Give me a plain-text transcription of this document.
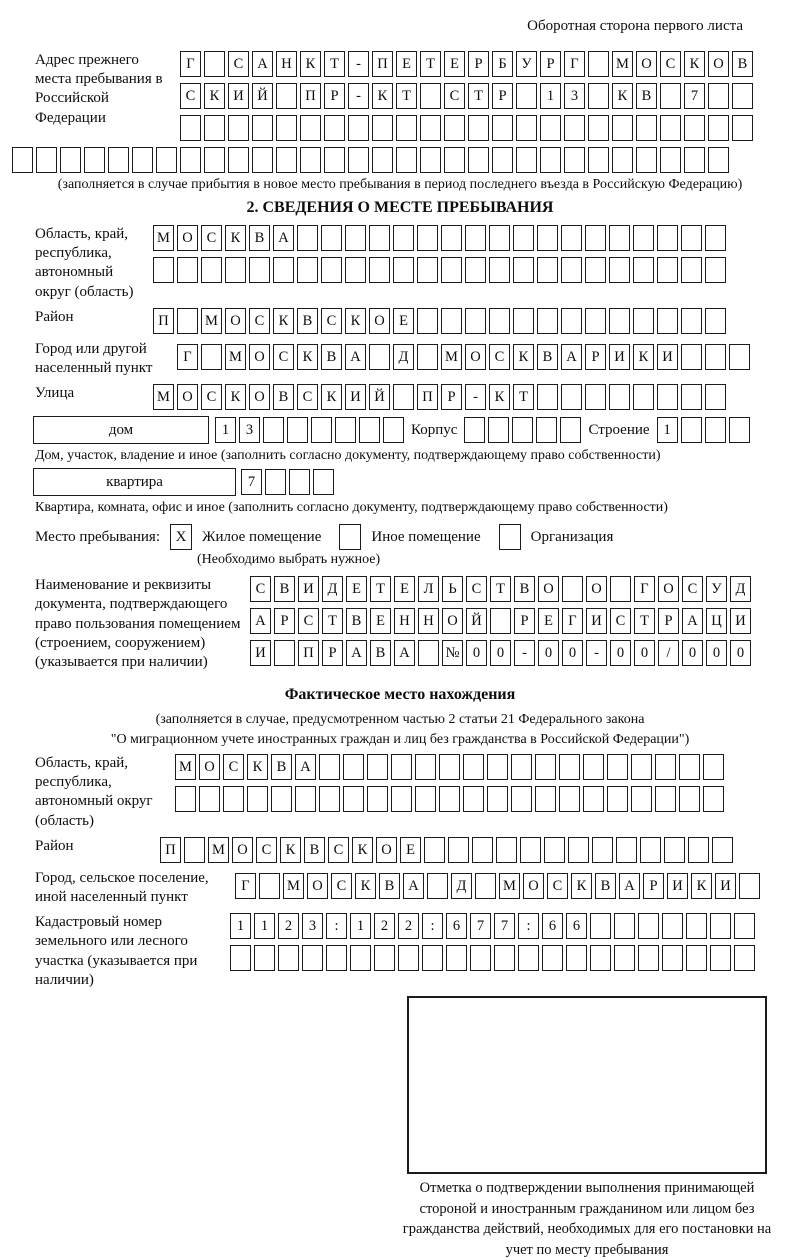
Оборотная сторона первого листа
Адрес прежнего места пребывания в Российской Федерации
Г	С А Н К	Т	-	П Е	Т	Е	Р	Б	У	Р	Г	М О С К О В
С К И Й	П	Р	-	К	Т	С	Т	Р	1	3	К В	7
(заполняется в случае прибытия в новое место пребывания в период последнего въезда в Российскую Федерацию)
2. СВЕДЕНИЯ О МЕСТЕ ПРЕБЫВАНИЯ
Область, край, республика, автономный округ (область)
М О С К В А
Район	П	М О С К В С К О Е
Город или другой населенный пункт
Г	М О С К В А	Д	М О С К В А	Р	И К И
Улица	М О С К О В С К И Й	П	Р	-	К	Т
дом	1	3	Корпус	Строение 1
Дом, участок, владение и иное (заполнить согласно документу, подтверждающему право собственности)
квартира	7
Квартира, комната, офис и иное (заполнить согласно документу, подтверждающему право собственности)
Место пребывания:	X	Жилое помещение	Иное помещение	Организация
(Необходимо выбрать нужное)
Наименование и реквизиты документа, подтверждающего право пользования помещением (строением, сооружением) (указывается при наличии)
С В И Д	Е	Т	Е	Л	Ь	С	Т	В О	О	Г	О С У Д
А	Р	С	Т	В	Е Н Н О Й	Р	Е	Г	И С	Т	Р	А Ц И
И	П	Р	А В А	№ 0	0	-	0	0	-	0	0	/	0	0	0
Фактическое место нахождения
(заполняется в случае, предусмотренном частью 2 статьи 21 Федерального закона
"О миграционном учете иностранных граждан и лиц без гражданства в Российской Федерации")
Область, край, республика, автономный округ (область)
М О С К В А
Район	П	М О С К В С К О Е
Город, сельское поселение, иной населенный пункт
Г	М О С К В А	Д	М О С К В А	Р	И К И
Кадастровый номер земельного или лесного участка (указывается при наличии)
1	1	2	3	:	1	2	2	:	6	7	7	:	6	6
Отметка о подтверждении выполнения принимающей стороной и иностранным гражданином или лицом без гражданства действий, необходимых для его постановки на учет по месту пребывания
